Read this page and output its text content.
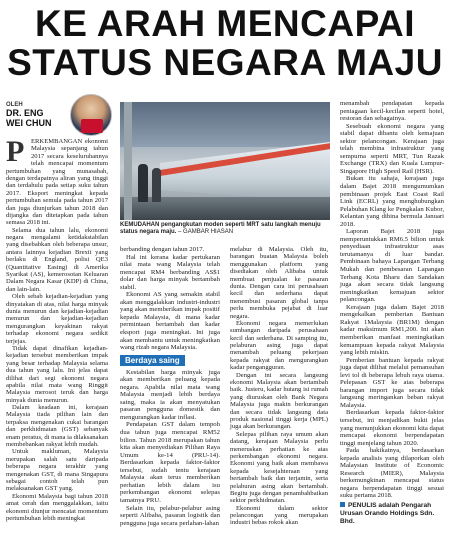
KE ARAH MENCAPAI
STATUS NEGARA MAJU
OLEH
DR. ENG
WEI CHUN
KEMUDAHAN pengangkutan moden seperti MRT satu langkah menuju status negara maju. – GAMBAR HIASAN
P	ERKEMBANGAN ekonomi Malaysia sepanjang tahun 2017 secara keseluruhannya telah mencapai momentum pertumbuhan yang munasabah, dengan terdapatnya aliran yang tinggi dan terdahulu pada setiap suku tahun 2017. Eksport meningkat kepada pertumbuhan semula pada tahun 2017 dan juga diunjurkan tahun 2018 dan dijangka dan ditetapkan pada tahun semasa 2018 ini.

Selama dua tahun lalu, ekonomi negara mengalami ketidakstabilan yang disebabkan oleh beberapa unsur, antara lainnya kejadian Brexit yang berlaku di England, polisi QE3 (Quantitative Easing) di Amerika Syarikat (AS), kemerosotan Keluaran Dalam Negara Kasar (KDP) di China, dan lain-lain.

Oleh sebab kejadian-kejadian yang dinyatakan di atas, nilai harga minyak dunia menurun dan kejadian-kejadian menurun dan kejadian-kejadian mengurangkan keyakinan rakyat terhadap ekonomi negara sedikit terjejas.

Tidak dapat dinafikan kejadian-kejadian tersebut memberikan impak yang besar terhadap Malaysia selama dua tahun yang lalu. Ini jelas dapat dilihat dari segi ekonomi negara apabila nilai mata wang Ringgit Malaysia merosot teruk dan harga minyak dunia menurun.

Dalam keadaan ini, kerajaan Malaysia tiada pilihan lain dan terpaksa mengenakan cukai barangan dan perkhidmatan (GST) sebanyak enam peratus, di mana ia dilaksanakan membebankan rakyat lebih mudah.

Untuk makluman, Malaysia merupakan salah satu daripada beberapa negara terakhir yang mengenakan GST, di mana Singapura sebagai contoh telah pun melaksanakan GST yang.

Ekonomi Malaysia bagi tahun 2018 amat cerah dan menggalakkan, iaitu ekonomi diunjur mencatat momentum pertumbuhan lebih meningkat

berbanding dengan tahun 2017.

Hal ini kerana kadar pertukaran nilai mata wang Malaysia telah mencapai RM4 berbanding AS$1 dolar dan harga minyak bertambah stabil.

Ekonomi AS yang semakin stabil akan menggalakkan industri-industri yang akan memberikan impak positif kepada Malaysia, di mana kadar permintaan bertambah dan kadar eksport juga meningkat. Ini juga akan membantu untuk meningkatkan wang rizab negara Malaysia.

Berdaya saing

Kestabilan harga minyak juga akan memberikan peluang kepada negara. Apabila nilai mata wang Malaysia menjadi lebih berdaya saing, maka ia akan menyatukan pasaran pengguna domestik dan mengurangkan kadar inflasi.

Pendapatan GST dalam tempoh dua tahun juga mencapai RM52 bilion. Tahun 2018 merupakan tahun kita akan menyediakan Pilihan Raya Umum ke-14 (PRU-14). Berdasarkan kepada faktor-faktor tersebut, sudah tentu kerajaan Malaysia akan terus memberikan perhatian lebih dalam isu perkembangan ekonomi selepas tamatnya PRU.

Selain itu, pelabur-pelabur asing seperti Alibaba, pasaran logistik dan pengguna juga secara perlahan-lahan

melabur di Malaysia. Oleh itu, barangan buatan Malaysia boleh menggunakan platform yang disediakan oleh Alibaba untuk membuat penjualan ke pasaran dunia. Dengan cara ini perusahaan kecil dan sederhana dapat menembusi pasaran global tanpa perlu membuka pejabat di luar negara.

Ekonomi negara memerlukan sumbangan daripada perusahaan kecil dan sederhana. Di samping itu, pelaburan asing juga dapat menambah peluang pekerjaan kepada rakyat dan mengurangkan kadar pengangguran.

Dengan ini secara langsung ekonomi Malaysia akan bertambah baik. Justeru, kadar hutang isi rumah yang diuruskan oleh Bank Negara Malaysia juga makin berkurangan dan secara tidak langsung data produk nasional tinggi kerja (MPL) juga akan berkurangan.

Selepas pilihan raya umum akan datang, kerajaan Malaysia perlu meneruskan perhatian ke atas perkembangan ekonomi negara. Ekonomi yang baik akan membawa kepada kesejahteraan yang bertambah baik dan terjamin, serta pelaburan asing akan bertambah. Begitu juga dengan penambahbaikan sektor perkhidmatan.

Ekonomi dalam sektor pelancongan yang merupakan industri bebas rokok akan

menambah pendapatan kepada peniagaan kecil-kecilan seperti hotel, restoran dan sebagainya.

Sesebuah ekonomi negara yang stabil dapat dibantu oleh kemajuan sektor pelancongan. Kerajaan juga telah membina infrastruktur yang sempurna seperti MRT, Tun Razak Exchange (TRX) dan Kuala Lumpur-Singapore High Speed Rail (HSR).

Bukan itu sahaja, kerajaan juga dalam Bajet 2018 mengumumkan pembinaan projek East Coast Rail Link (ECRL) yang menghubungkan Pelabuhan Klang ke Pengkalan Kubor, Kelantan yang dibina bermula Januari 2018.

Laporan Bajet 2018 juga memperuntukkan RM6.5 bilion untuk penyediaan infrastruktur asas terutamanya di luar bandar. Pembinaan bahaya Lapangan Terbang Mukah dan pembesaran Lapangan Terbang Kota Bharu dan Sandakan juga akan secara tidak langsung meningkatkan kemajuan sektor pelancongan.

Kerajaan juga dalam Bajet 2018 mengekalkan pemberian Bantuan Rakyat 1Malaysia (BR1M) dengan kadar maksimum RM1,200. Ini akan memberikan manfaat meningkatkan kemampuan kepada rakyat Malaysia yang lebih miskin.

Pemberian bantuan kepada rakyat juga dapat dilihat melalui pemansuhan levi tol di beberapa lebuh raya utama. Pelepasan GST ke atas beberapa barangan import juga secara tidak langsung meringankan beban rakyat Malaysia.

Berdasarkan kepada faktor-faktor tersebut, ini menjadikan bukti jelas yang menunjukkan ekonomi kita dapat mencapai ekonomi berpendapatan tinggi menjelang tahun 2020.

Pada hakikatnya, berdasarkan kepada analisis yang dilaporkan oleh Malaysian Institute of Economic Research (MIER), Malaysia berkemungkinan mencapai status negara berpendapatan tinggi sesuai suku pertama 2018.

PENULIS adalah Pengarah Urusan Orando Holdings Sdn. Bhd.
